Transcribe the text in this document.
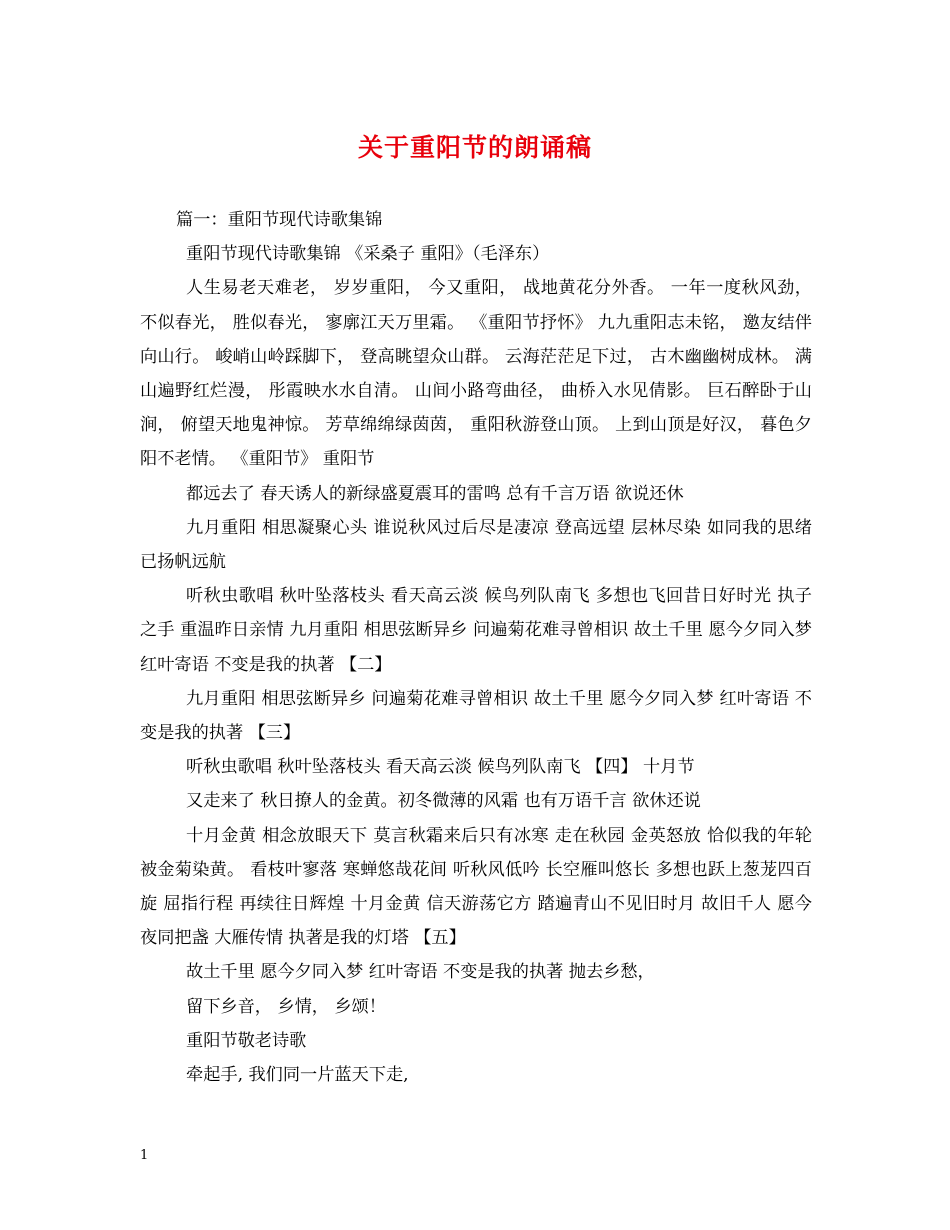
关于重阳节的朗诵稿

篇一：重阳节现代诗歌集锦

重阳节现代诗歌集锦 《采桑子 重阳》（毛泽东）

人生易老天难老， 岁岁重阳， 今又重阳， 战地黄花分外香。 一年一度秋风劲， 不似春光， 胜似春光， 寥廓江天万里霜。 《重阳节抒怀》 九九重阳志未铭， 邀友结伴向山行。 峻峭山岭踩脚下， 登高眺望众山群。 云海茫茫足下过， 古木幽幽树成林。 满山遍野红烂漫， 彤霞映水水自清。 山间小路弯曲径， 曲桥入水见倩影。 巨石醉卧于山涧， 俯望天地鬼神惊。 芳草绵绵绿茵茵， 重阳秋游登山顶。 上到山顶是好汉， 暮色夕阳不老情。 《重阳节》 重阳节

都远去了 春天诱人的新绿盛夏震耳的雷鸣 总有千言万语 欲说还休

九月重阳 相思凝聚心头 谁说秋风过后尽是凄凉 登高远望 层林尽染 如同我的思绪已扬帆远航

听秋虫歌唱 秋叶坠落枝头 看天高云淡 候鸟列队南飞 多想也飞回昔日好时光 执子之手 重温昨日亲情 九月重阳 相思弦断异乡 问遍菊花难寻曾相识 故土千里 愿今夕同入梦 红叶寄语 不变是我的执著 【二】

九月重阳 相思弦断异乡 问遍菊花难寻曾相识 故土千里 愿今夕同入梦 红叶寄语 不变是我的执著 【三】

听秋虫歌唱 秋叶坠落枝头 看天高云淡 候鸟列队南飞 【四】 十月节

又走来了 秋日撩人的金黄。初冬微薄的风霜 也有万语千言 欲休还说

十月金黄 相念放眼天下 莫言秋霜来后只有冰寒 走在秋园 金英怒放 恰似我的年轮被金菊染黄。 看枝叶寥落 寒蝉悠哉花间 听秋风低吟 长空雁叫悠长 多想也跃上葱茏四百旋 屈指行程 再续往日辉煌 十月金黄 信天游荡它方 踏遍青山不见旧时月 故旧千人 愿今夜同把盏 大雁传情 执著是我的灯塔 【五】

故土千里 愿今夕同入梦 红叶寄语 不变是我的执著 抛去乡愁，

留下乡音， 乡情， 乡颂！

重阳节敬老诗歌

牵起手, 我们同一片蓝天下走,

1
